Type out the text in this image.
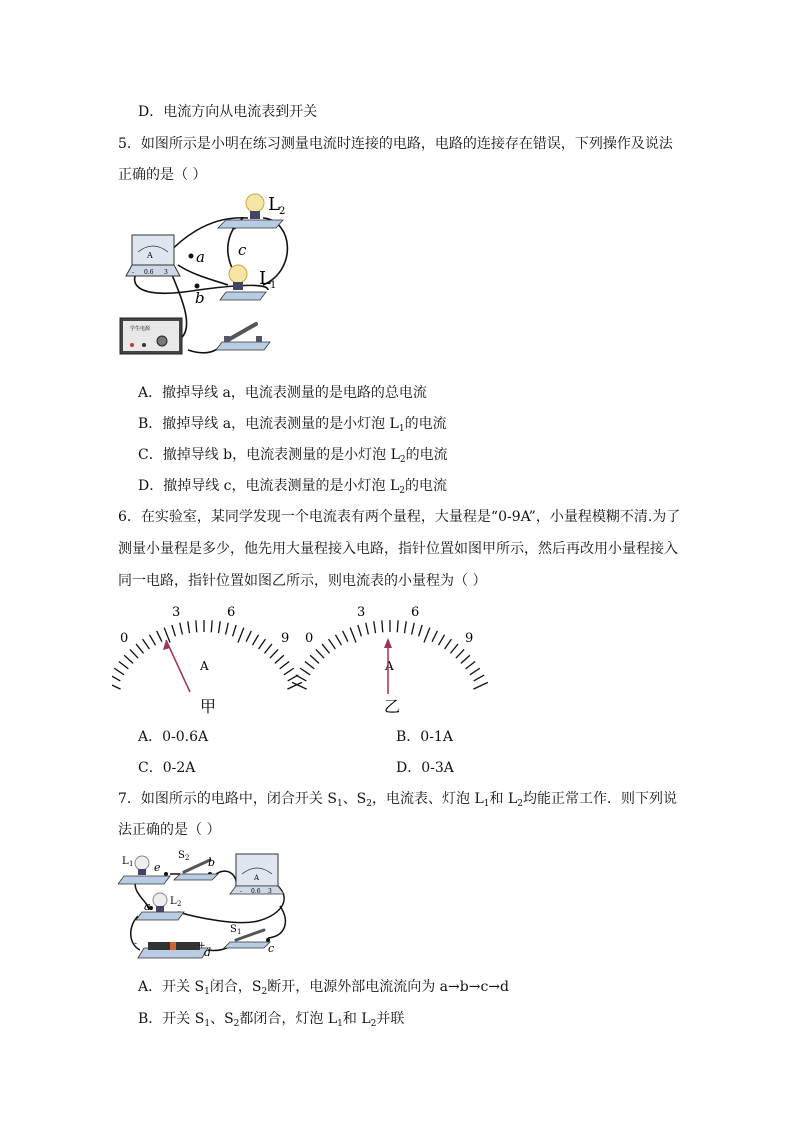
D．电流方向从电流表到开关
5．如图所示是小明在练习测量电流时连接的电路，电路的连接存在错误，下列操作及说法
正确的是（ ）
a
b
c
A
- 0.6 3
L 2
L 1
学生电源
A．撤掉导线 a，电流表测量的是电路的总电流
B．撤掉导线 a，电流表测量的是小灯泡 $L_1$的电流
C．撤掉导线 b，电流表测量的是小灯泡 $L_2$的电流
D．撤掉导线 c，电流表测量的是小灯泡 $L_2$的电流
6．在实验室，某同学发现一个电流表有两个量程，大量程是“0-9A”，小量程模糊不清.为了
测量小量程是多少，他先用大量程接入电路，指针位置如图甲所示，然后再改用小量程接入
同一电路，指针位置如图乙所示，则电流表的小量程为（ ）
0
3	6
9
A
甲
0
3	6
9
A
乙
A．0-0.6A	B．0-1A
C．0-2A	D．0-3A
7．如图所示的电路中，闭合开关 $S_1$、$S_2$，电流表、灯泡 $L_1$和 $L_2$均能正常工作．则下列说
法正确的是（ ）
L 1 e
S 2 b
A
- 0.6 3
L 2
a
S 1
c
-	+
d
A．开关 $S_1$闭合，$S_2$断开，电源外部电流流向为 a→b→c→d
B．开关 $S_1$、$S_2$都闭合，灯泡 $L_1$和 $L_2$并联
